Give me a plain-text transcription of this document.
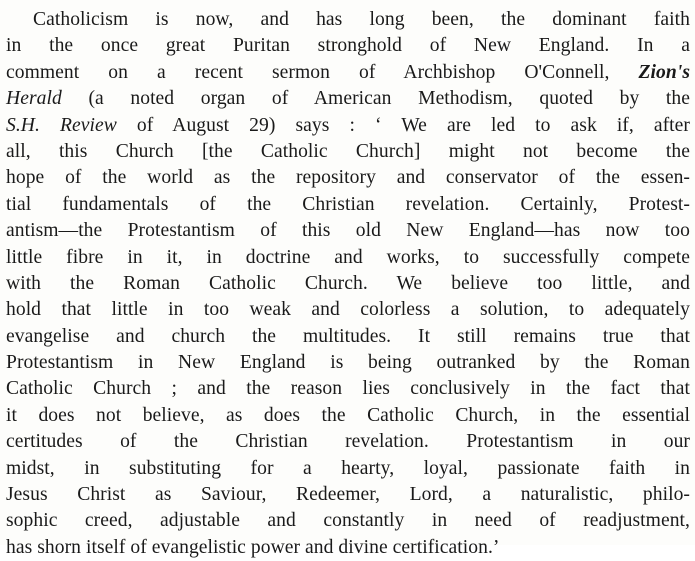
Catholicism is now, and has long been, the dominant faith
in the once great Puritan stronghold of New England. In a
comment on a recent sermon of Archbishop O'Connell, Zion's
Herald (a noted organ of American Methodism, quoted by the
S.H. Review of August 29) says : ‘ We are led to ask if, after
all, this Church [the Catholic Church] might not become the
hope of the world as the repository and conservator of the essen-
tial fundamentals of the Christian revelation. Certainly, Protest-
antism—the Protestantism of this old New England—has now too
little fibre in it, in doctrine and works, to successfully compete
with the Roman Catholic Church. We believe too little, and
hold that little in too weak and colorless a solution, to adequately
evangelise and church the multitudes. It still remains true that
Protestantism in New England is being outranked by the Roman
Catholic Church ; and the reason lies conclusively in the fact that
it does not believe, as does the Catholic Church, in the essential
certitudes of the Christian revelation. Protestantism in our
midst, in substituting for a hearty, loyal, passionate faith in
Jesus Christ as Saviour, Redeemer, Lord, a naturalistic, philo-
sophic creed, adjustable and constantly in need of readjustment,
has shorn itself of evangelistic power and divine certification.’
